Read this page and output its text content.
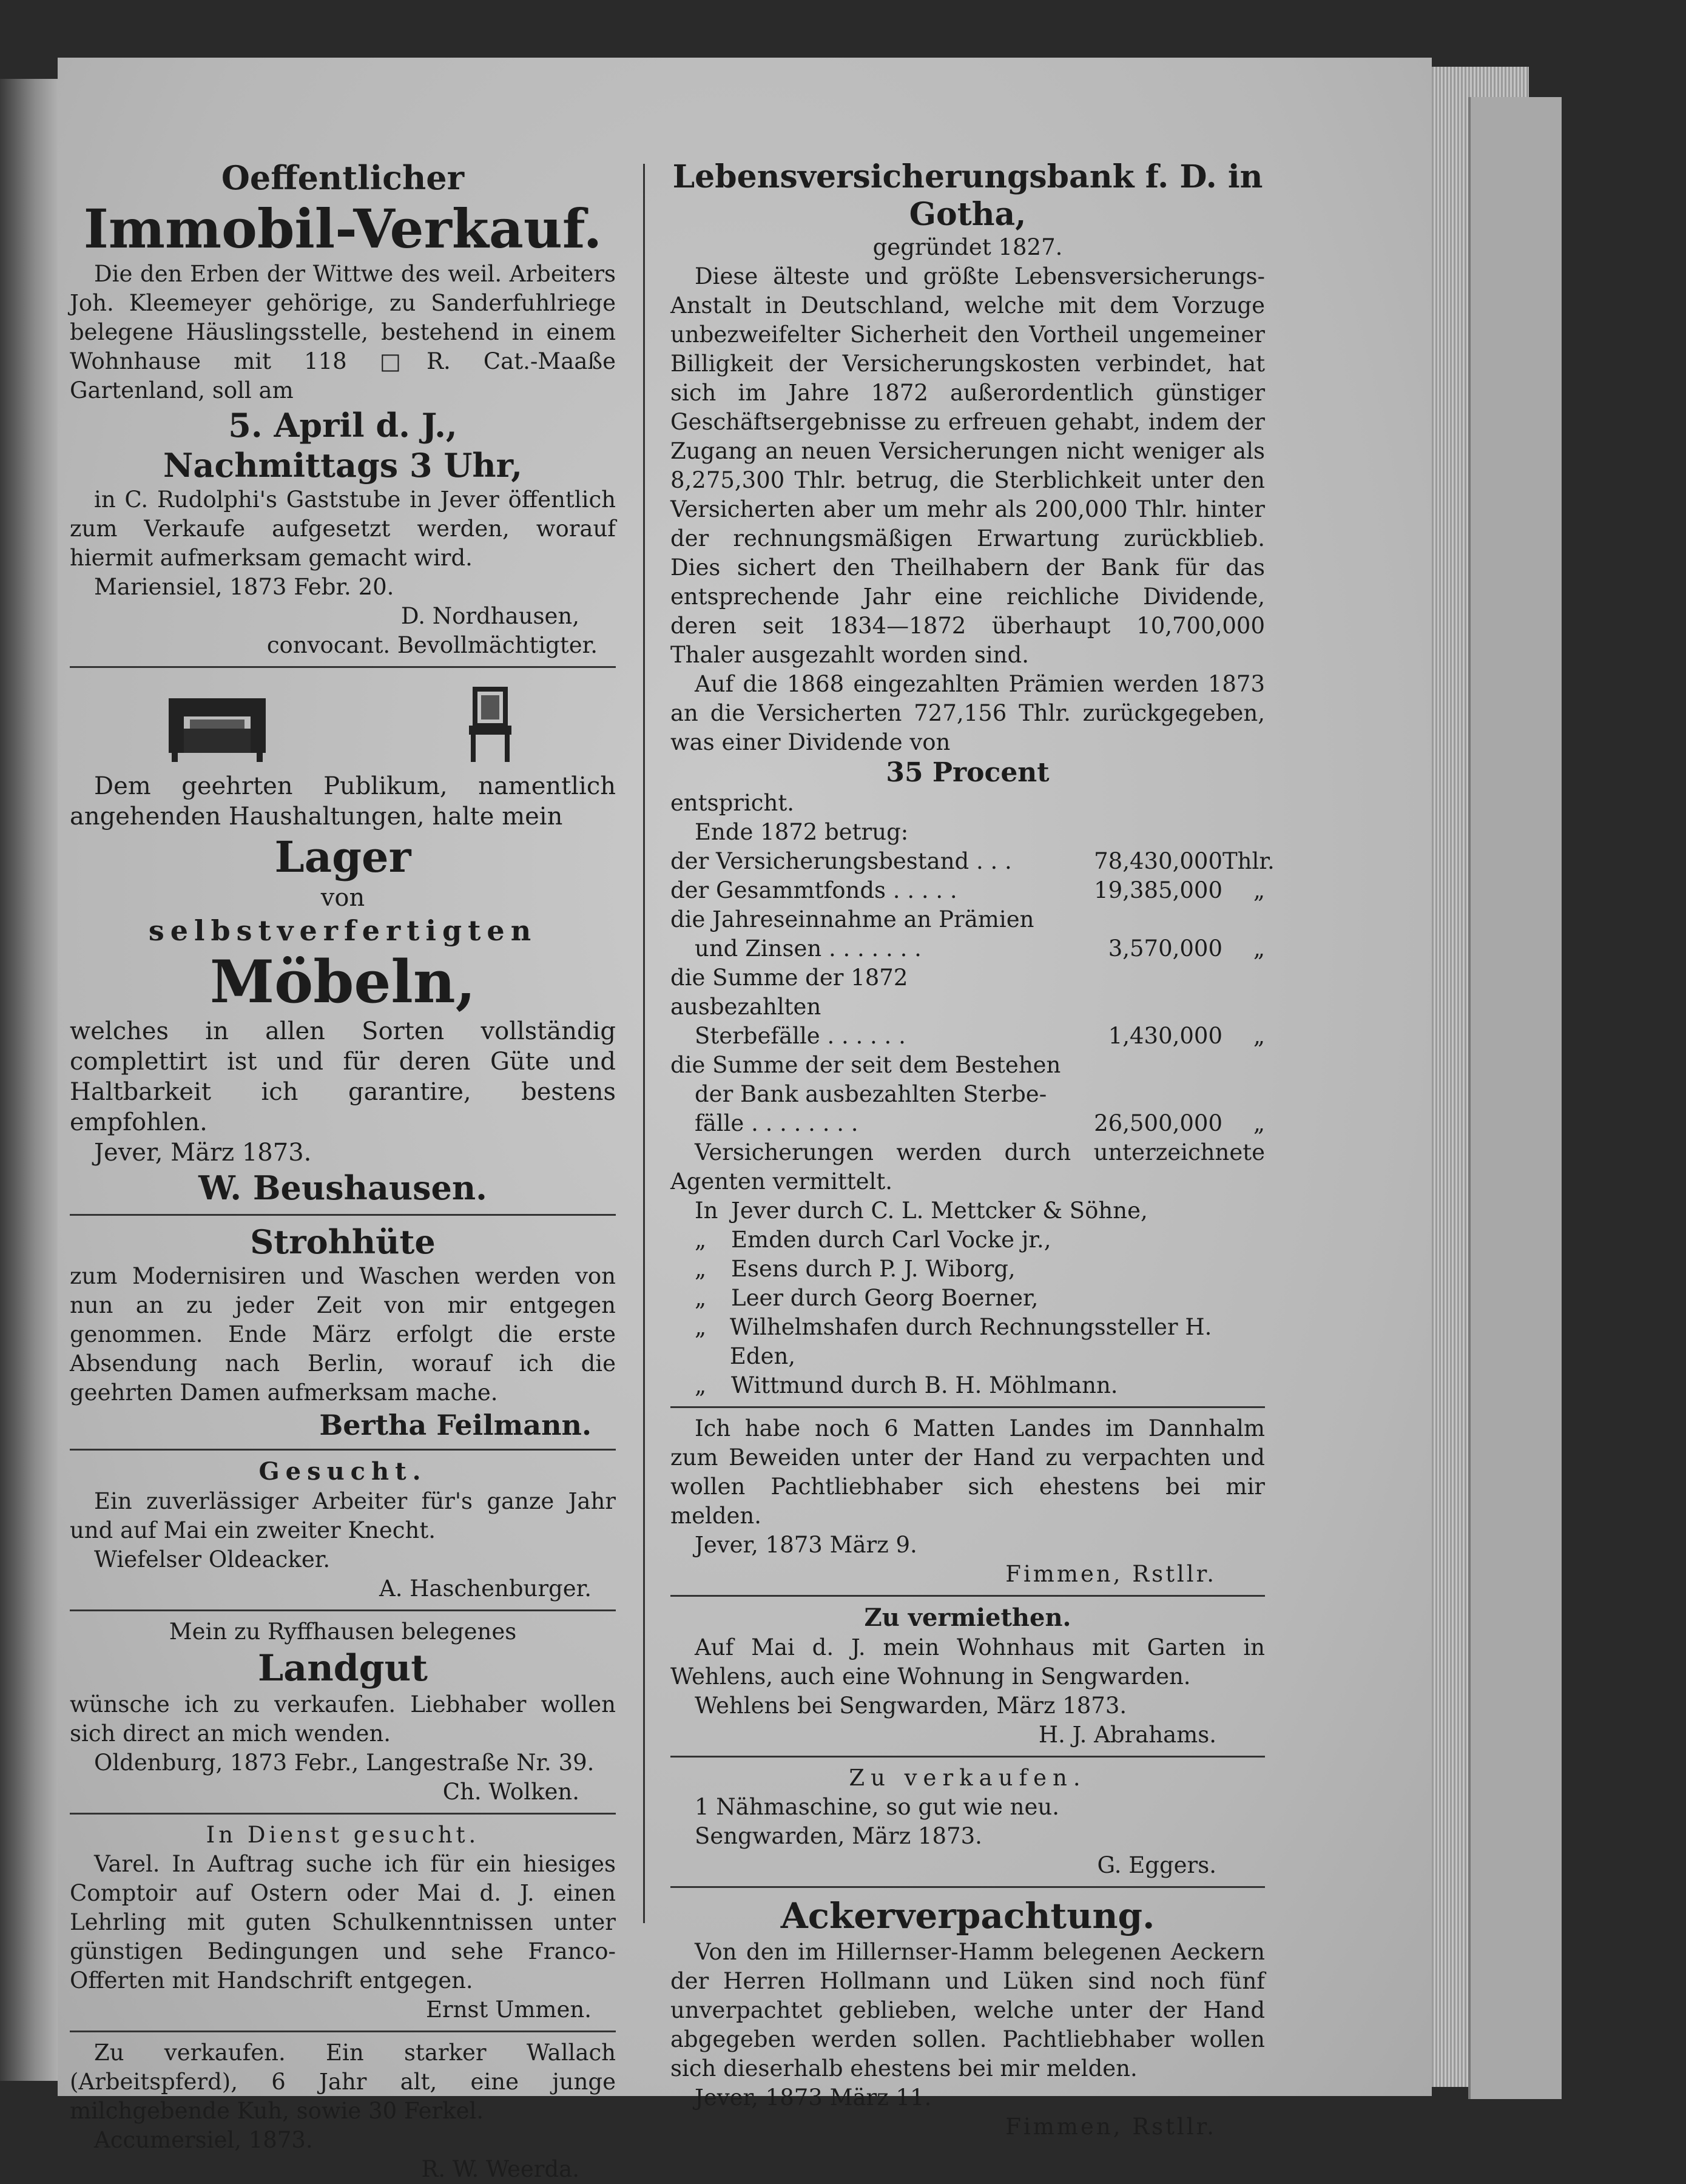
Oeffentlicher
Immobil-Verkauf.

Die den Erben der Wittwe des weil. Arbeiters Joh. Kleemeyer gehörige, zu Sanderfuhlriege belegene Häuslingsstelle, bestehend in einem Wohnhause mit 118 □R. Cat.-Maaße Gartenland, soll am

5. April d. J.,
Nachmittags 3 Uhr,

in C. Rudolphi's Gaststube in Jever öffentlich zum Verkaufe aufgesetzt werden, worauf hiermit aufmerksam gemacht wird.

Mariensiel, 1873 Febr. 20.

D. Nordhausen,

convocant. Bevollmächtigter.

Dem geehrten Publikum, namentlich angehenden Haushaltungen, halte mein

Lager
von
selbstverfertigten
Möbeln,

welches in allen Sorten vollständig complettirt ist und für deren Güte und Haltbarkeit ich garantire, bestens empfohlen.

Jever, März 1873.

W. Beushausen.
Strohhüte

zum Modernisiren und Waschen werden von nun an zu jeder Zeit von mir entgegen genommen. Ende März erfolgt die erste Absendung nach Berlin, worauf ich die geehrten Damen aufmerksam mache.

Bertha Feilmann.
Gesucht.

Ein zuverlässiger Arbeiter für's ganze Jahr und auf Mai ein zweiter Knecht.

Wiefelser Oldeacker.

A. Haschenburger.

Mein zu Ryffhausen belegenes

Landgut

wünsche ich zu verkaufen. Liebhaber wollen sich direct an mich wenden.

Oldenburg, 1873 Febr., Langestraße Nr. 39.

Ch. Wolken.

In Dienst gesucht.

Varel. In Auftrag suche ich für ein hiesiges Comptoir auf Ostern oder Mai d. J. einen Lehrling mit guten Schulkenntnissen unter günstigen Bedingungen und sehe Franco-Offerten mit Handschrift entgegen.

Ernst Ummen.

Zu verkaufen. Ein starker Wallach (Arbeitspferd), 6 Jahr alt, eine junge milchgebende Kuh, sowie 30 Ferkel.

Accumersiel, 1873.

R. W. Weerda.

Lebensversicherungsbank f. D. in
Gotha,

gegründet 1827.

Diese älteste und größte Lebensversicherungs-Anstalt in Deutschland, welche mit dem Vorzuge unbezweifelter Sicherheit den Vortheil ungemeiner Billigkeit der Versicherungskosten verbindet, hat sich im Jahre 1872 außerordentlich günstiger Geschäftsergebnisse zu erfreuen gehabt, indem der Zugang an neuen Versicherungen nicht weniger als 8,275,300 Thlr. betrug, die Sterblichkeit unter den Versicherten aber um mehr als 200,000 Thlr. hinter der rechnungsmäßigen Erwartung zurückblieb. Dies sichert den Theilhabern der Bank für das entsprechende Jahr eine reichliche Dividende, deren seit 1834—1872 überhaupt 10,700,000 Thaler ausgezahlt worden sind.

Auf die 1868 eingezahlten Prämien werden 1873 an die Versicherten 727,156 Thlr. zurückgegeben, was einer Dividende von

35 Procent

entspricht.

Ende 1872 betrug:

der Versicherungsbestand . . .	78,430,000 Thlr.
der Gesammtfonds . . . . .	19,385,000	„
die Jahreseinnahme an Prämien
und Zinsen . . . . . . .	3,570,000	„
die Summe der 1872 ausbezahlten
Sterbefälle . . . . . .	1,430,000	„
die Summe der seit dem Bestehen
der Bank ausbezahlten Sterbe-
fälle . . . . . . . .	26,500,000	„

Versicherungen werden durch unterzeichnete Agenten vermittelt.

In Jever durch C. L. Mettcker & Söhne,
„	Emden durch Carl Vocke jr.,
„	Esens durch P. J. Wiborg,
„	Leer durch Georg Boerner,
„	Wilhelmshafen durch Rechnungssteller H. Eden,
„	Wittmund durch B. H. Möhlmann.

Ich habe noch 6 Matten Landes im Dannhalm zum Beweiden unter der Hand zu verpachten und wollen Pachtliebhaber sich ehestens bei mir melden.

Jever, 1873 März 9.

Fimmen, Rstllr.

Zu vermiethen.

Auf Mai d. J. mein Wohnhaus mit Garten in Wehlens, auch eine Wohnung in Sengwarden.

Wehlens bei Sengwarden, März 1873.

H. J. Abrahams.

Zu verkaufen.

1 Nähmaschine, so gut wie neu.

Sengwarden, März 1873.

G. Eggers.

Ackerverpachtung.

Von den im Hillernser-Hamm belegenen Aeckern der Herren Hollmann und Lüken sind noch fünf unverpachtet geblieben, welche unter der Hand abgegeben werden sollen. Pachtliebhaber wollen sich dieserhalb ehestens bei mir melden.

Jever, 1873 März 11.

Fimmen, Rstllr.
